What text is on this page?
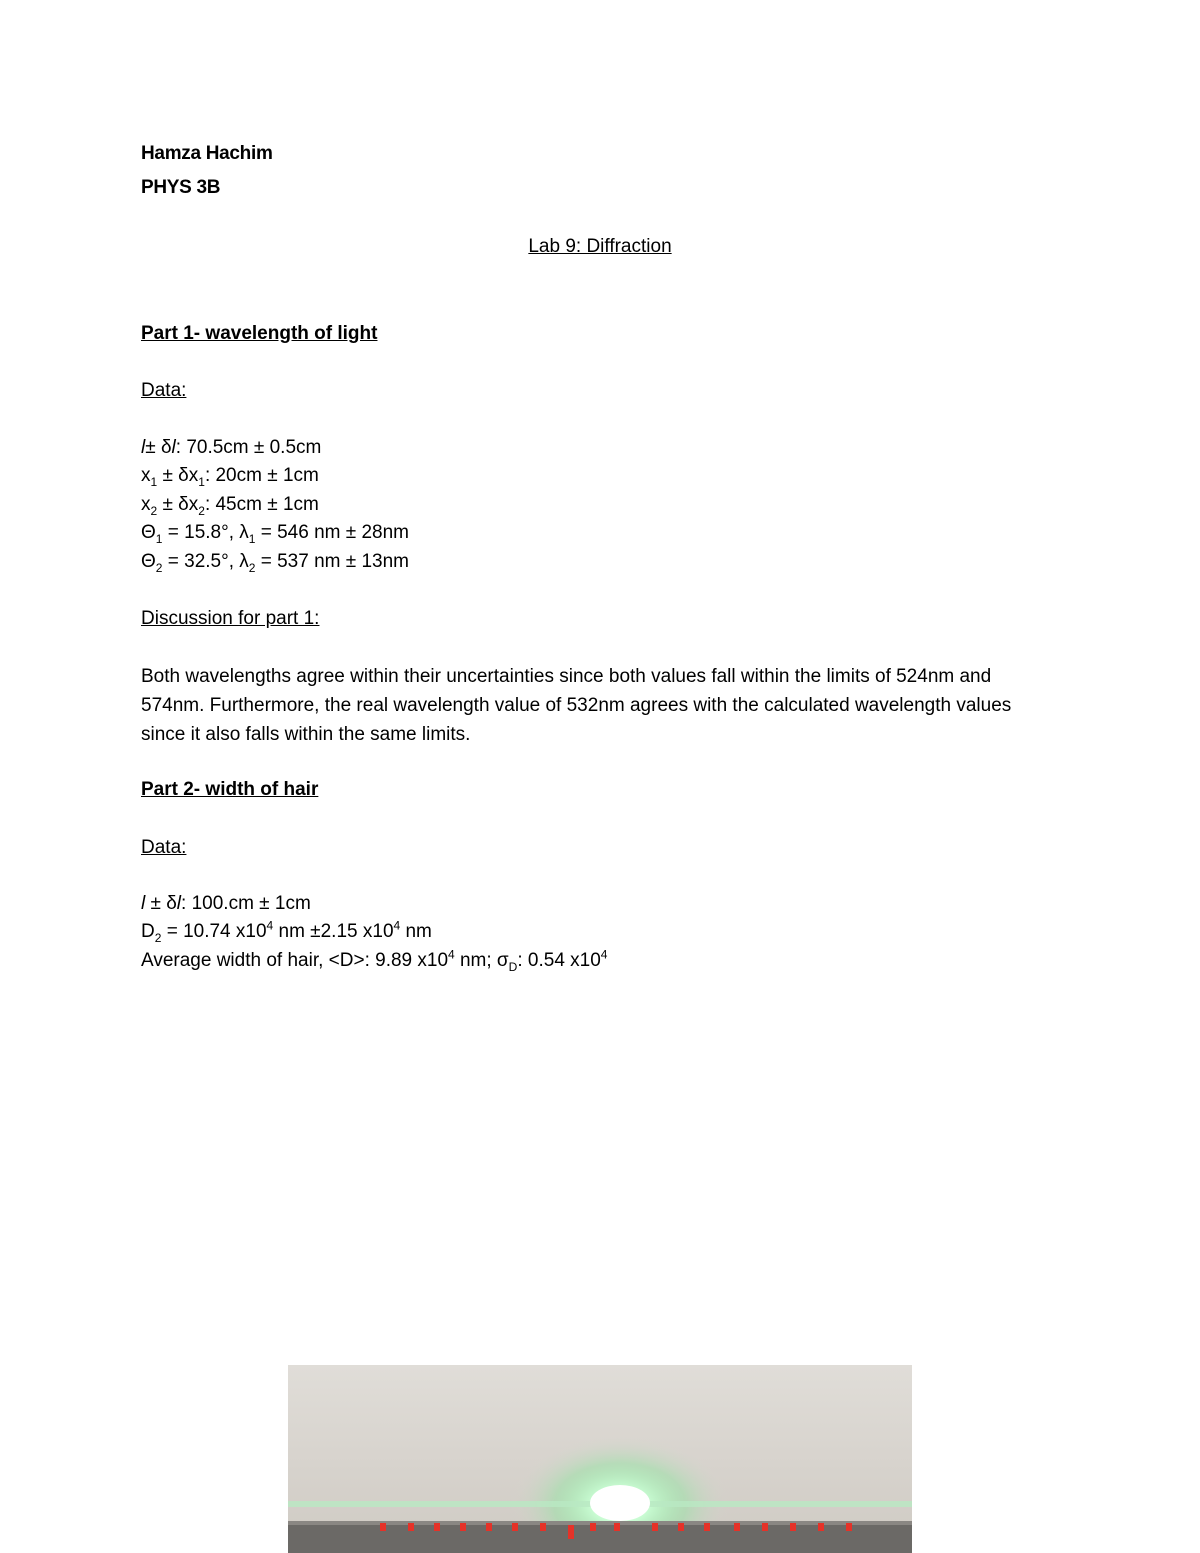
Hamza Hachim
PHYS 3B
Lab 9: Diffraction
Part 1- wavelength of light
Data:
l± δl: 70.5cm ± 0.5cm
$x_1 \pm \delta x_1$: 20cm ± 1cm
$x_2 \pm \delta x_2$: 45cm ± 1cm
$\Theta_1 = 15.8^\circ$, $\lambda_1 = 546$ nm ± 28nm
$\Theta_2 = 32.5^\circ$, $\lambda_2 = 537$ nm ± 13nm
Discussion for part 1:
Both wavelengths agree within their uncertainties since both values fall within the limits of 524nm and 574nm. Furthermore, the real wavelength value of 532nm agrees with the calculated wavelength values since it also falls within the same limits.
Part 2- width of hair
Data:
l ± δl: 100.cm ± 1cm
$D_2 = 10.74$ $x10^4$ nm ±2.15 $x10^4$ nm
Average width of hair, <D>: 9.89 $x10^4$ nm; $\sigma_D$: 0.54 $x10^4$
